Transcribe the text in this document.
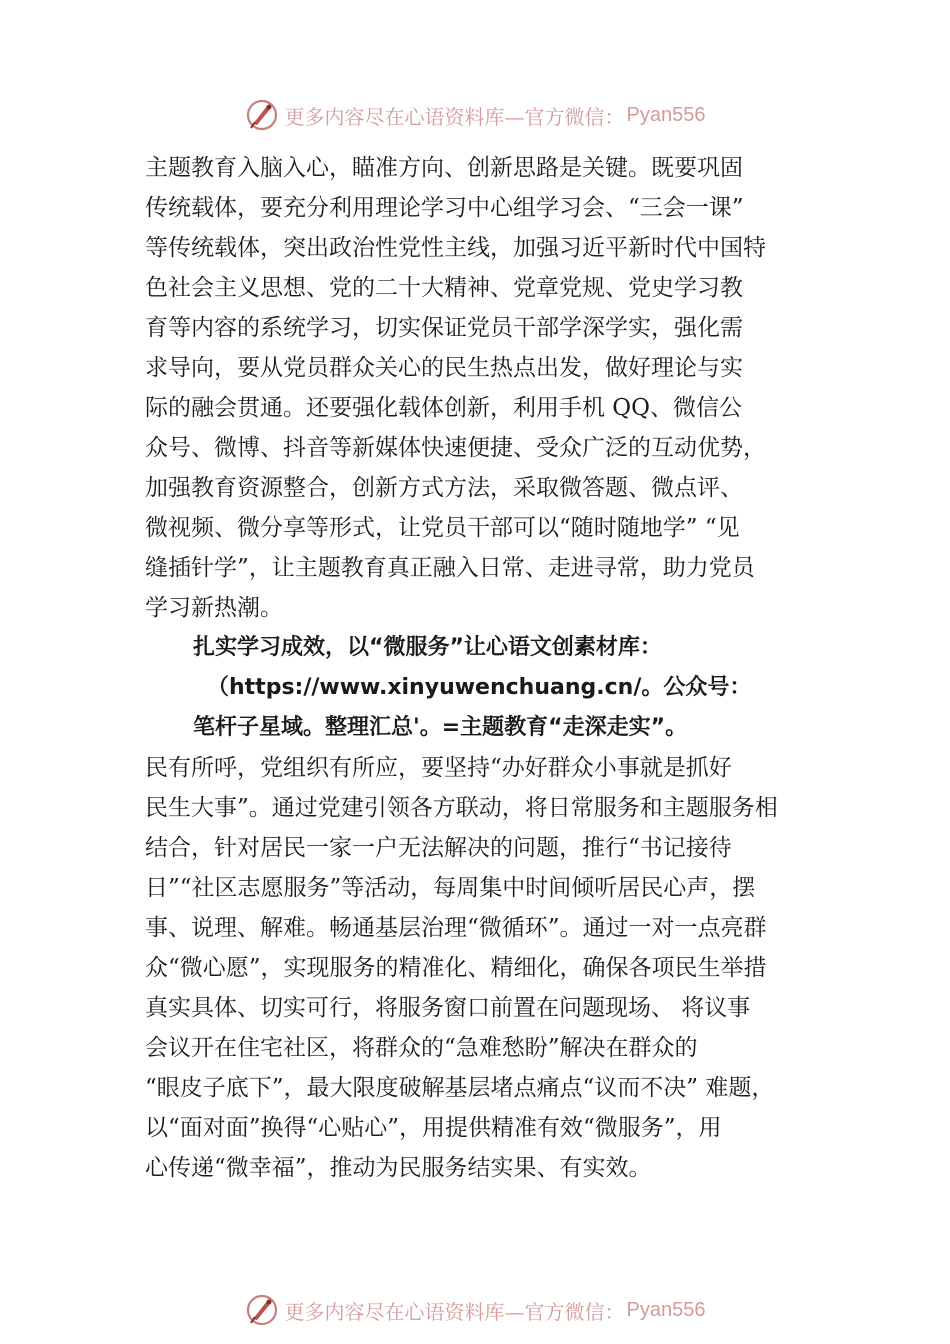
更多内容尽在心语资料库—官方微信： Pyan556
主题教育入脑入心，瞄准方向、创新思路是关键。既要巩固
传统载体，要充分利用理论学习中心组学习会、“三会一课”
等传统载体，突出政治性党性主线，加强习近平新时代中国特
色社会主义思想、党的二十大精神、党章党规、党史学习教
育等内容的系统学习，切实保证党员干部学深学实，强化需
求导向，要从党员群众关心的民生热点出发，做好理论与实
际的融会贯通。还要强化载体创新，利用手机 QQ、微信公
众号、微博、抖音等新媒体快速便捷、受众广泛的互动优势，
加强教育资源整合，创新方式方法，采取微答题、微点评、
微视频、微分享等形式，让党员干部可以“随时随地学” “见
缝插针学”，让主题教育真正融入日常、走进寻常，助力党员
学习新热潮。
扎实学习成效，以“微服务”让心语文创素材库：
（https://www.xinyuwenchuang.cn/。公众号：
笔杆子星域。整理汇总'。=主题教育“走深走实”。
民有所呼，党组织有所应，要坚持“办好群众小事就是抓好
民生大事”。通过党建引领各方联动，将日常服务和主题服务相
结合，针对居民一家一户无法解决的问题，推行“书记接待
日”“社区志愿服务”等活动，每周集中时间倾听居民心声，摆
事、说理、解难。畅通基层治理“微循环”。通过一对一点亮群
众“微心愿”，实现服务的精准化、精细化，确保各项民生举措
真实具体、切实可行，将服务窗口前置在问题现场、 将议事
会议开在住宅社区，将群众的“急难愁盼”解决在群众的
“眼皮子底下”，最大限度破解基层堵点痛点“议而不决” 难题，
以“面对面”换得“心贴心”，用提供精准有效“微服务”，用
心传递“微幸福”，推动为民服务结实果、有实效。
更多内容尽在心语资料库—官方微信： Pyan556
